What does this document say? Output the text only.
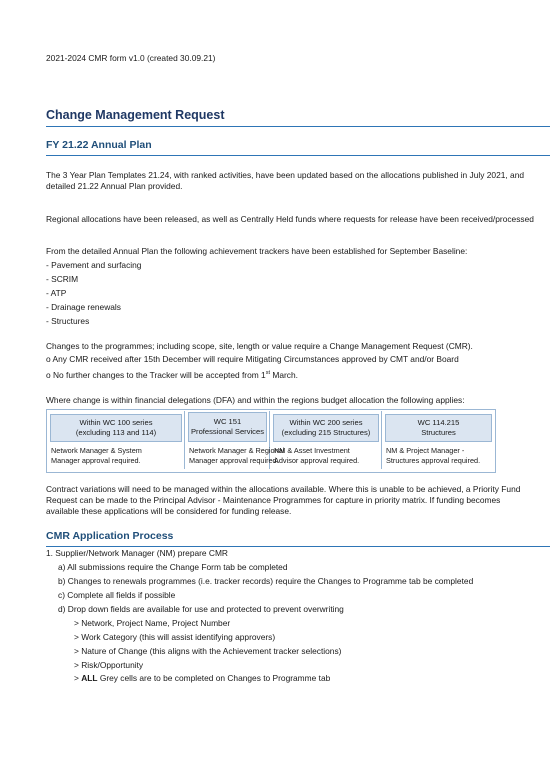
2021-2024 CMR form v1.0 (created 30.09.21)
Change Management Request
FY 21.22 Annual Plan
The 3 Year Plan Templates 21.24, with ranked activities, have been updated based on the allocations published in July 2021, and
detailed 21.22 Annual Plan provided.
Regional allocations have been released, as well as Centrally Held funds where requests for release have been received/processed
From the detailed Annual Plan the following achievement trackers have been established for September Baseline:
- Pavement and surfacing
- SCRIM
- ATP
- Drainage renewals
- Structures
Changes to the programmes; including scope, site, length or value require a Change Management Request (CMR).
o Any CMR received after 15th December will require Mitigating Circumstances approved by CMT and/or Board
o No further changes to the Tracker will be accepted from 1st March.
Where change is within financial delegations (DFA) and within the regions budget allocation the following applies:
Within WC 100 series
(excluding 113 and 114)
Network Manager & System
Manager approval required.
WC 151
Professional Services
Network Manager & Regional
Manager approval required.
Within WC 200 series
(excluding 215 Structures)
NM & Asset Investment
Advisor approval required.
WC 114.215
Structures
NM & Project Manager -
Structures approval required.
Contract variations will need to be managed within the allocations available. Where this is unable to be achieved, a Priority Fund
Request can be made to the Principal Advisor - Maintenance Programmes for capture in priority matrix. If funding becomes
available these applications will be considered for funding release.
CMR Application Process
1. Supplier/Network Manager (NM) prepare CMR
a) All submissions require the Change Form tab be completed
b) Changes to renewals programmes (i.e. tracker records) require the Changes to Programme tab be completed
c) Complete all fields if possible
d) Drop down fields are available for use and protected to prevent overwriting
> Network, Project Name, Project Number
> Work Category (this will assist identifying approvers)
> Nature of Change (this aligns with the Achievement tracker selections)
> Risk/Opportunity
> ALL Grey cells are to be completed on Changes to Programme tab
